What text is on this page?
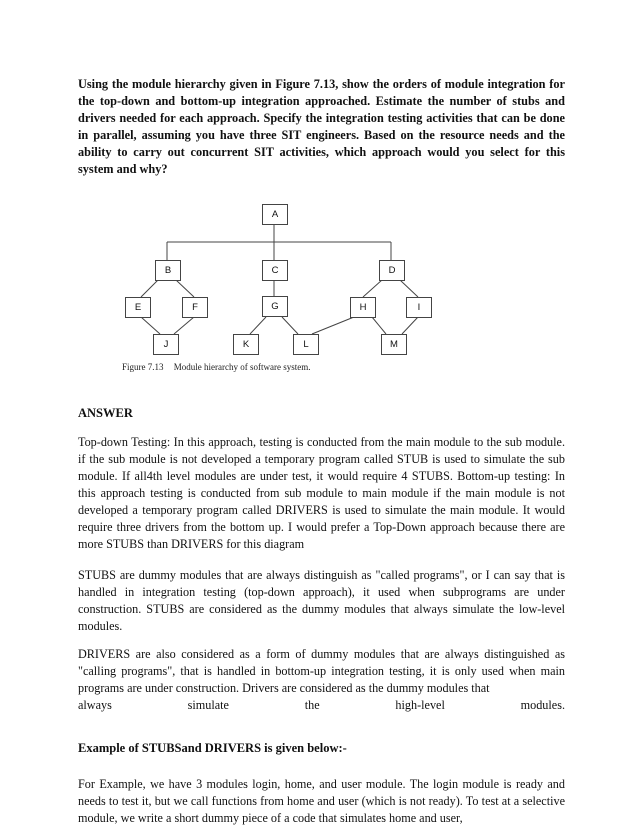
Using the module hierarchy given in Figure 7.13, show the orders of module integration for the top-down and bottom-up integration approached. Estimate the number of stubs and drivers needed for each approach. Specify the integration testing activities that can be done in parallel, assuming you have three SIT engineers. Based on the resource needs and the ability to carry out concurrent SIT activities, which approach would you select for this system and why?
A
B	C	D
E	F	G	H	I
J	K	L	M
Figure 7.13 Module hierarchy of software system.
ANSWER
Top-down Testing: In this approach, testing is conducted from the main module to the sub module. if the sub module is not developed a temporary program called STUB is used to simulate the sub module. If all4th level modules are under test, it would require 4 STUBS. Bottom-up testing: In this approach testing is conducted from sub module to main module if the main module is not developed a temporary program called DRIVERS is used to simulate the main module. It would require three drivers from the bottom up. I would prefer a Top-Down approach because there are more STUBS than DRIVERS for this diagram
STUBS are dummy modules that are always distinguish as "called programs", or I can say that is handled in integration testing (top-down approach), it used when subprograms are under construction. STUBS are considered as the dummy modules that always simulate the low-level modules.
DRIVERS are also considered as a form of dummy modules that are always distinguished as "calling programs", that is handled in bottom-up integration testing, it is only used when main programs are under construction. Drivers are considered as the dummy modules that
always	simulate	the	high-level	modules.
Example of STUBSand DRIVERS is given below:-
For Example, we have 3 modules login, home, and user module. The login module is ready and needs to test it, but we call functions from home and user (which is not ready). To test at a selective module, we write a short dummy piece of a code that simulates home and user,
